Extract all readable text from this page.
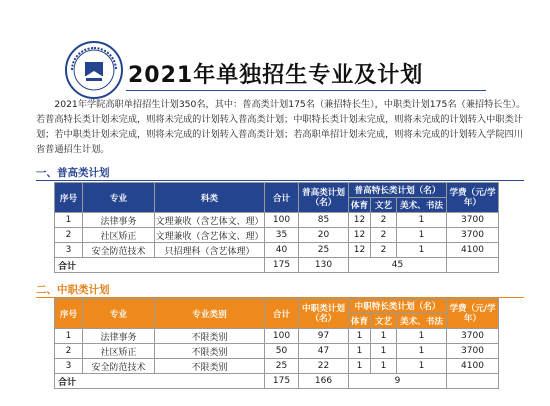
2021年单独招生专业及计划

2021年学院高职单招招生计划350名，其中：普高类计划175名（兼招特长生），中职类计划175名（兼招特长生）。若普高特长类计划未完成，则将未完成的计划转入普高类计划；中职特长类计划未完成，则将未完成的计划转入中职类计划；若中职类计划未完成，则将未完成的计划转入普高类计划；若高职单招计划未完成，则将未完成的计划转入学院四川省普通招生计划。

一、普高类计划
序号	专业	科类	合计	普高类计划（名）	普高特长类计划（名）			学费（元/学年）
					体育	文艺	美术、书法	
1	法律事务	文理兼收（含艺体文、理）	100	85	12	2	1	3700
2	社区矫正	文理兼收（含艺体文、理）	35	20	12	2	1	3700
3	安全防范技术	只招理科（含艺体理）	40	25	12	2	1	4100
合计			175	130	45			
二、中职类计划
序号	专业	专业类别	合计	中职类计划（名）	中职特长类计划（名）			学费（元/学年）
					体育	文艺	美术、书法	
1	法律事务	不限类别	100	97	1	1	1	3700
2	社区矫正	不限类别	50	47	1	1	1	3700
3	安全防范技术	不限类别	25	22	1	1	1	4100
合计			175	166	9			
